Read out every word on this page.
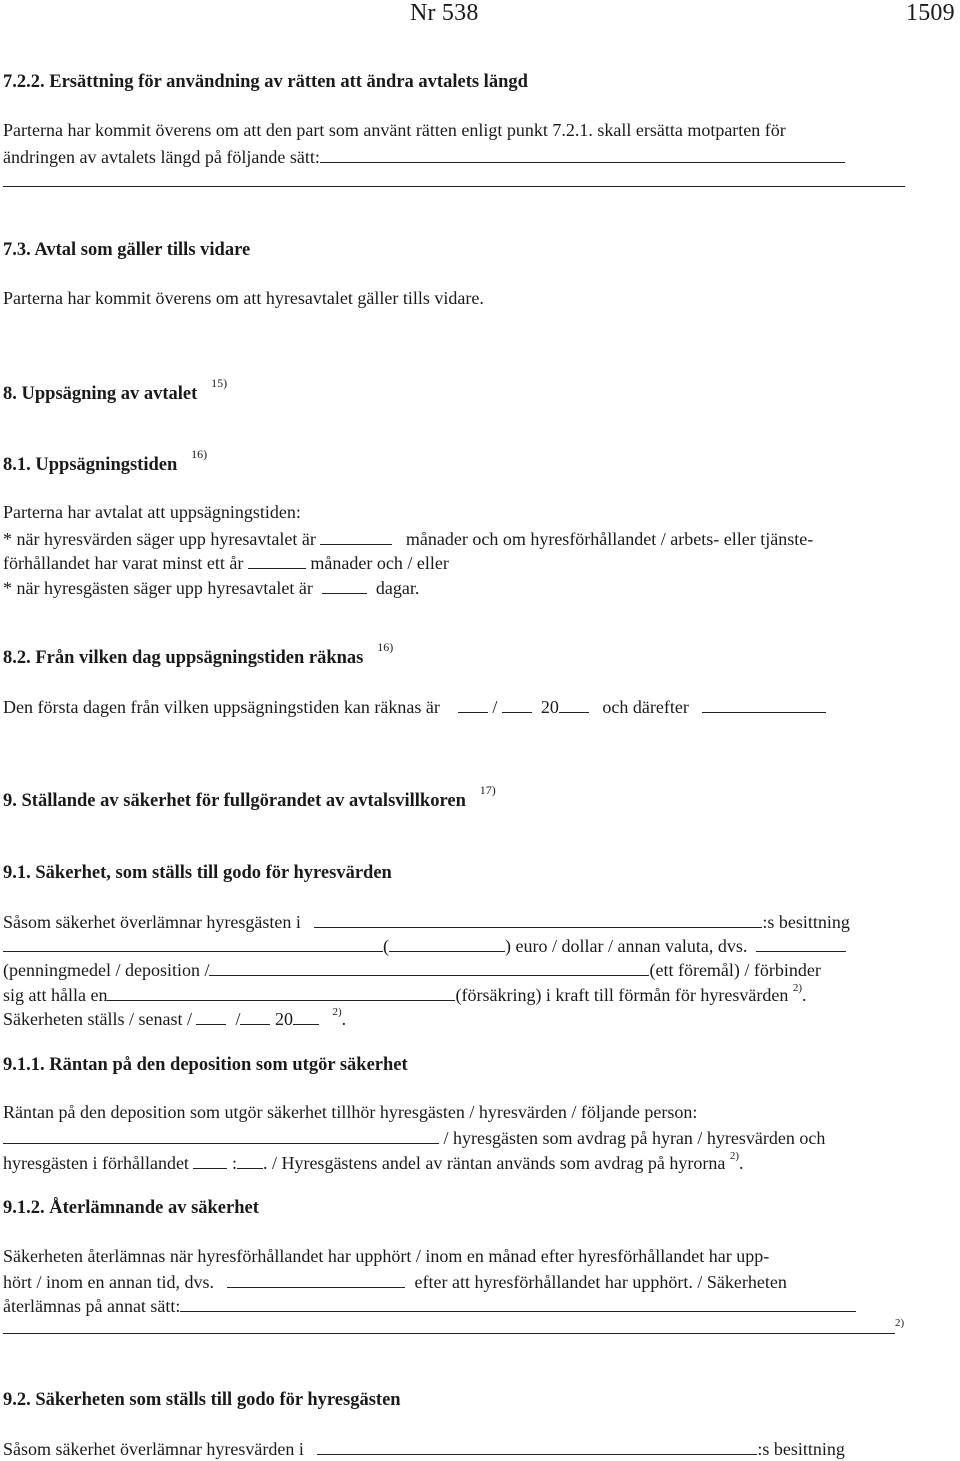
Nr 538	1509
7.2.2. Ersättning för användning av rätten att ändra avtalets längd
Parterna har kommit överens om att den part som använt rätten enligt punkt 7.2.1. skall ersätta motparten för
ändringen av avtalets längd på följande sätt:
7.3. Avtal som gäller tills vidare
Parterna har kommit överens om att hyresavtalet gäller tills vidare.
8. Uppsägning av avtalet   $^{15)}$
8.1. Uppsägningstiden   $^{16)}$
Parterna har avtalat att uppsägningstiden:
* när hyresvärden säger upp hyresavtalet är	månader och om hyresförhållandet / arbets- eller tjänste-
förhållandet har varat minst ett år	månader och / eller
* när hyresgästen säger upp hyresavtalet är	dagar.
8.2. Från vilken dag uppsägningstiden räknas   $^{16)}$
Den första dagen från vilken uppsägningstiden kan räknas är	/ 20 och därefter
9. Ställande av säkerhet för fullgörandet av avtalsvillkoren   $^{17)}$
9.1. Säkerhet, som ställs till godo för hyresvärden
Såsom säkerhet överlämnar hyresgästen i	:s besittning
(	) euro / dollar / annan valuta, dvs.
(penningmedel / deposition /	(ett föremål) / förbinder
sig att hålla en	(försäkring) i kraft till förmån för hyresvärden $^{2)}$.
Säkerheten ställs / senast / / 20	$^{2)}$.
9.1.1. Räntan på den deposition som utgör säkerhet
Räntan på den deposition som utgör säkerhet tillhör hyresgästen / hyresvärden / följande person:
/ hyresgästen som avdrag på hyran / hyresvärden och
hyresgästen i förhållandet : . / Hyresgästens andel av räntan används som avdrag på hyrorna $^{2)}$.
9.1.2. Återlämnande av säkerhet
Säkerheten återlämnas när hyresförhållandet har upphört / inom en månad efter hyresförhållandet har upp-
hört / inom en annan tid, dvs.	efter att hyresförhållandet har upphört. / Säkerheten
återlämnas på annat sätt:
2)
9.2. Säkerheten som ställs till godo för hyresgästen
Såsom säkerhet överlämnar hyresvärden i	:s besittning
